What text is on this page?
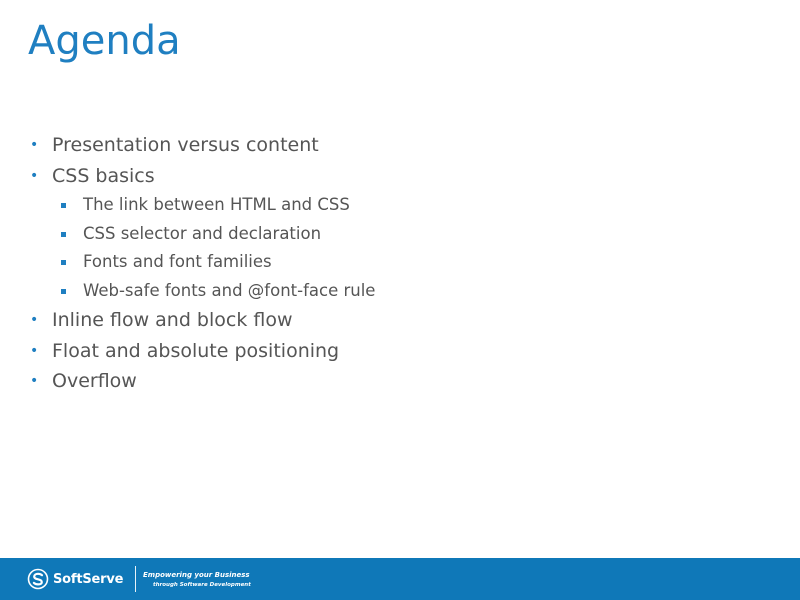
Agenda
• Presentation versus content
• CSS basics
The link between HTML and CSS
CSS selector and declaration
Fonts and font families
Web-safe fonts and @font-face rule
• Inline flow and block flow
• Float and absolute positioning
• Overflow
SoftServe	Empowering your Business
through Software Development
